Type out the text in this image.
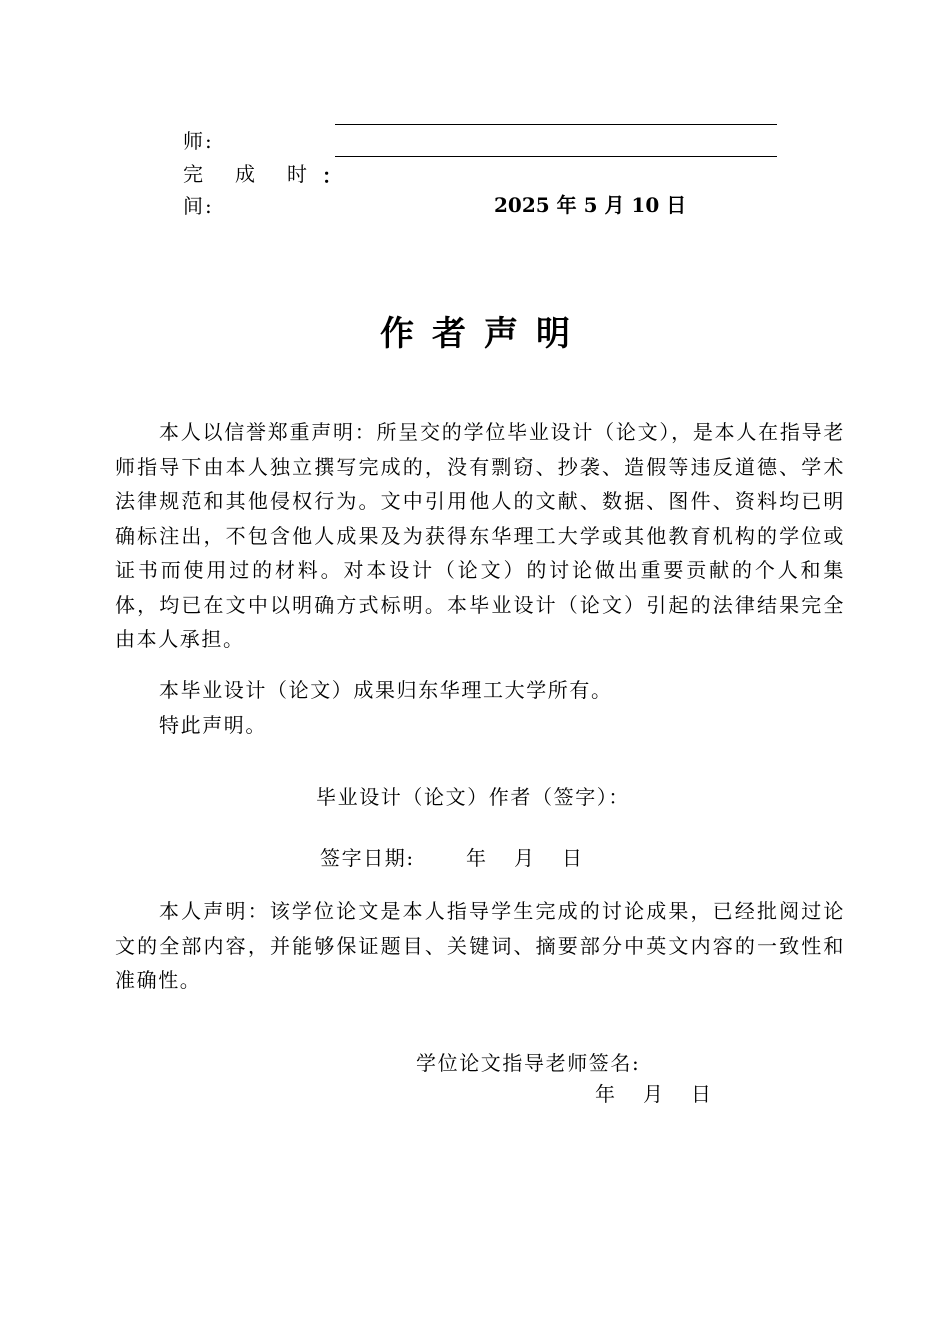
师:
完　成　时 ：
间:	2025 年 5 月 10 日
作者声明
本人以信誉郑重声明：所呈交的学位毕业设计（论文），是本人在指导老师指导下由本人独立撰写完成的，没有剽窃、抄袭、造假等违反道德、学术法律规范和其他侵权行为。文中引用他人的文献、数据、图件、资料均已明确标注出，不包含他人成果及为获得东华理工大学或其他教育机构的学位或证书而使用过的材料。对本设计（论文）的讨论做出重要贡献的个人和集体，均已在文中以明确方式标明。本毕业设计（论文）引起的法律结果完全由本人承担。
本毕业设计（论文）成果归东华理工大学所有。
特此声明。
毕业设计（论文）作者（签字）：
签字日期:	年　月　日
本人声明：该学位论文是本人指导学生完成的讨论成果，已经批阅过论文的全部内容，并能够保证题目、关键词、摘要部分中英文内容的一致性和准确性。
学位论文指导老师签名:
年　月　日
